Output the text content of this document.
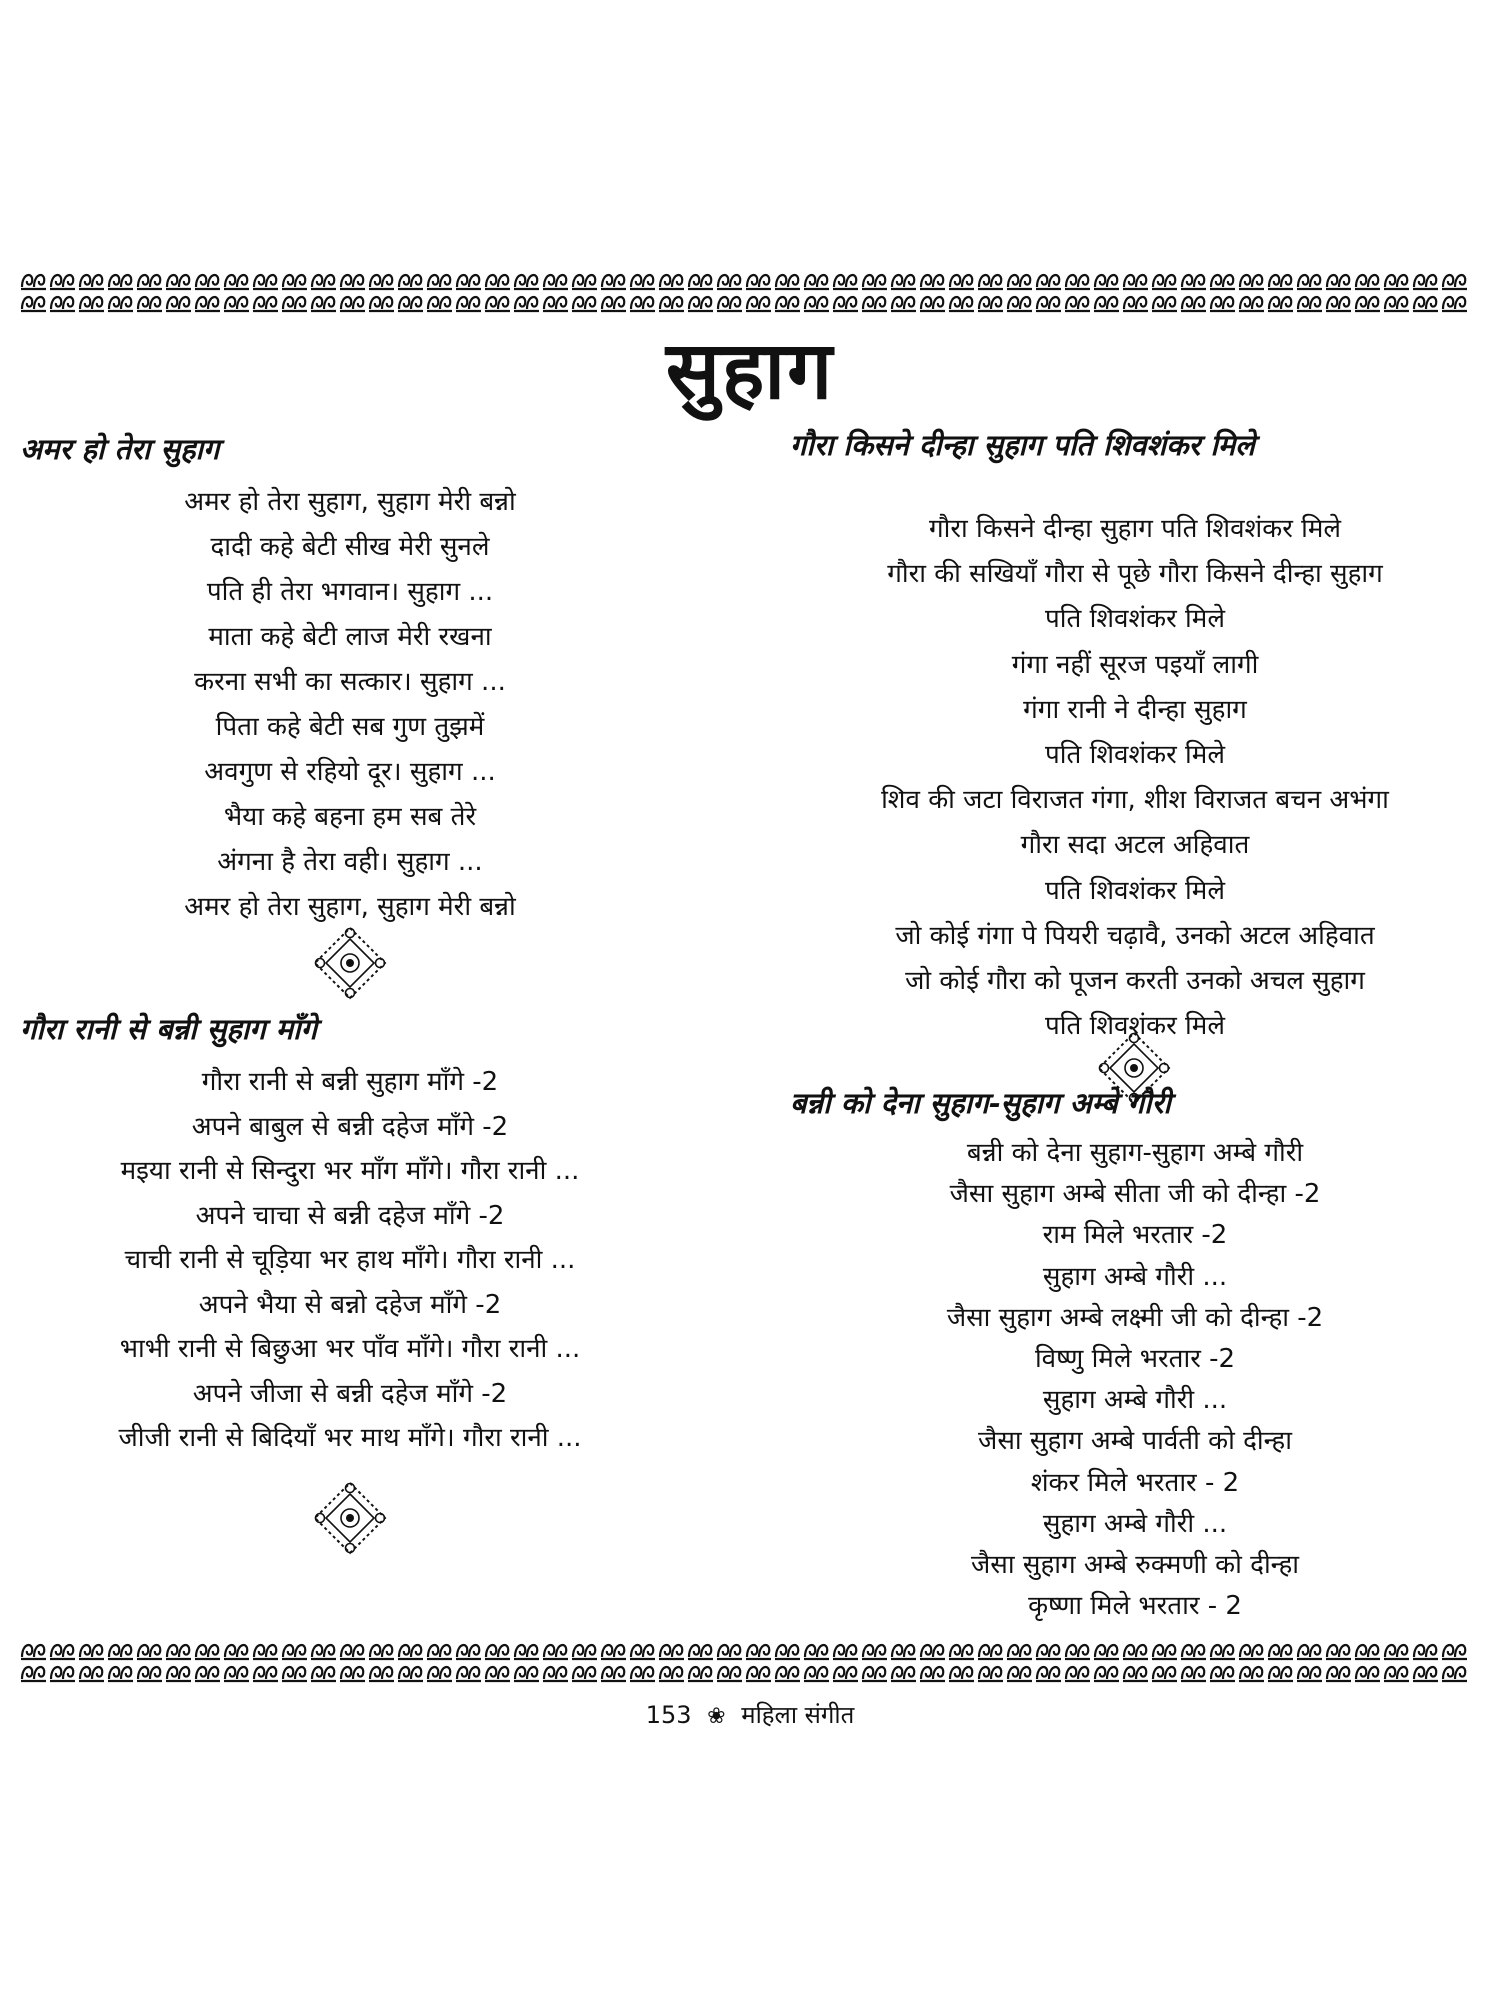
सुहाग
अमर हो तेरा सुहाग
अमर हो तेरा सुहाग, सुहाग मेरी बन्नो
दादी कहे बेटी सीख मेरी सुनले
पति ही तेरा भगवान। सुहाग ...
माता कहे बेटी लाज मेरी रखना
करना सभी का सत्कार। सुहाग ...
पिता कहे बेटी सब गुण तुझमें
अवगुण से रहियो दूर। सुहाग ...
भैया कहे बहना हम सब तेरे
अंगना है तेरा वही। सुहाग ...
अमर हो तेरा सुहाग, सुहाग मेरी बन्नो
गौरा रानी से बन्नी सुहाग माँगे
गौरा रानी से बन्नी सुहाग माँगे -2
अपने बाबुल से बन्नी दहेज माँगे -2
मइया रानी से सिन्दुरा भर माँग माँगे। गौरा रानी ...
अपने चाचा से बन्नी दहेज माँगे -2
चाची रानी से चूड़िया भर हाथ माँगे। गौरा रानी ...
अपने भैया से बन्नो दहेज माँगे -2
भाभी रानी से बिछुआ भर पाँव माँगे। गौरा रानी ...
अपने जीजा से बन्नी दहेज माँगे -2
जीजी रानी से बिदियाँ भर माथ माँगे। गौरा रानी ...
गौरा किसने दीन्हा सुहाग पति शिवशंकर मिले
गौरा किसने दीन्हा सुहाग पति शिवशंकर मिले
गौरा की सखियाँ गौरा से पूछे गौरा किसने दीन्हा सुहाग
पति शिवशंकर मिले
गंगा नहीं सूरज पइयाँ लागी
गंगा रानी ने दीन्हा सुहाग
पति शिवशंकर मिले
शिव की जटा विराजत गंगा, शीश विराजत बचन अभंगा
गौरा सदा अटल अहिवात
पति शिवशंकर मिले
जो कोई गंगा पे पियरी चढ़ावै, उनको अटल अहिवात
जो कोई गौरा को पूजन करती उनको अचल सुहाग
पति शिवशंकर मिले
बन्नी को देना सुहाग-सुहाग अम्बे गौरी
बन्नी को देना सुहाग-सुहाग अम्बे गौरी
जैसा सुहाग अम्बे सीता जी को दीन्हा -2
राम मिले भरतार -2
सुहाग अम्बे गौरी ...
जैसा सुहाग अम्बे लक्ष्मी जी को दीन्हा -2
विष्णु मिले भरतार -2
सुहाग अम्बे गौरी ...
जैसा सुहाग अम्बे पार्वती को दीन्हा
शंकर मिले भरतार - 2
सुहाग अम्बे गौरी ...
जैसा सुहाग अम्बे रुक्मणी को दीन्हा
कृष्णा मिले भरतार - 2
153 ❀ महिला संगीत
